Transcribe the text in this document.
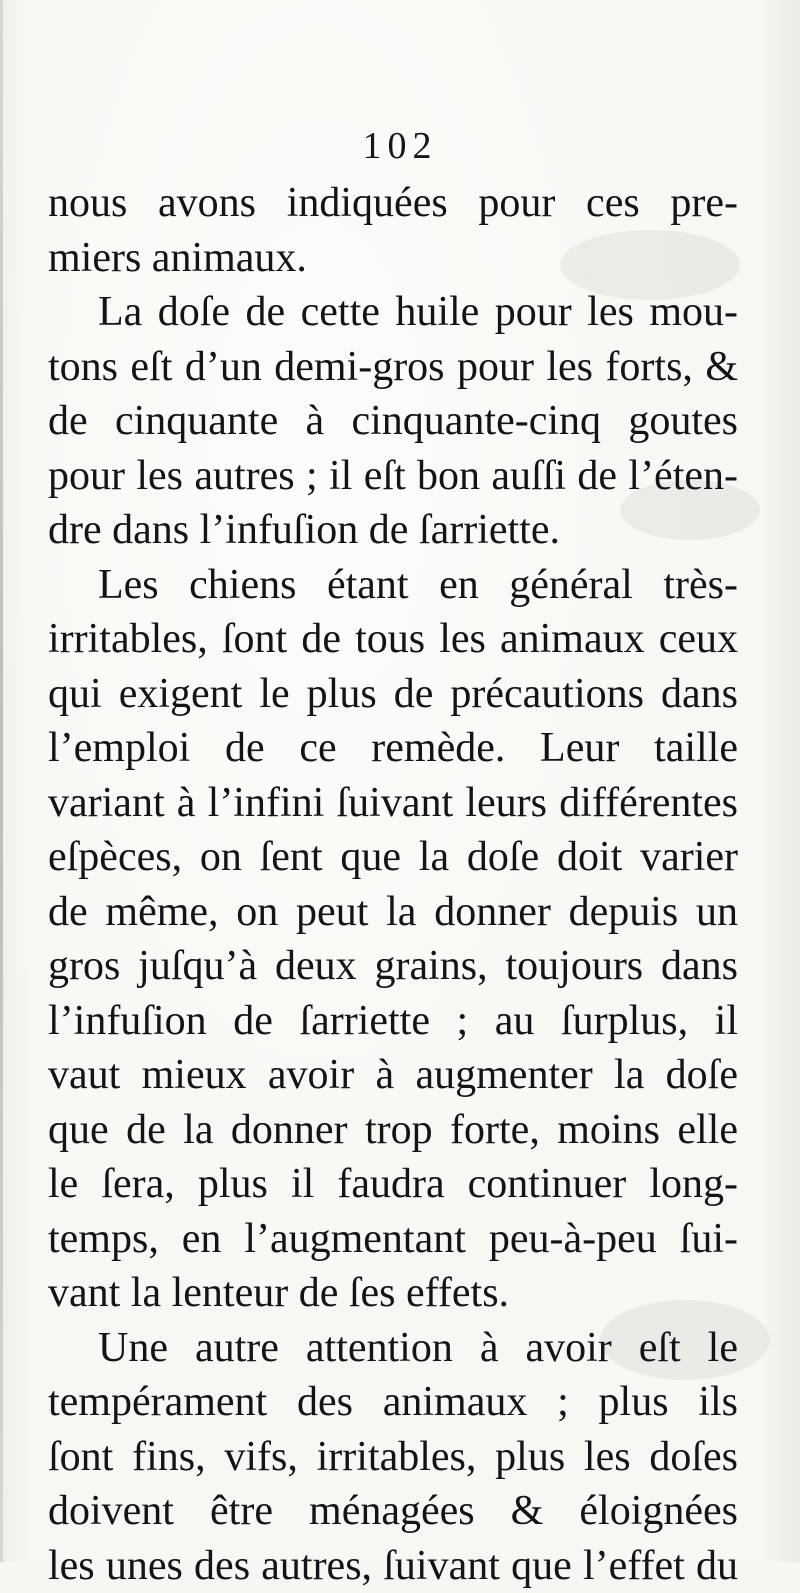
102
nous avons indiquées pour ces pre-
miers animaux.
La doſe de cette huile pour les mou-
tons eſt d’un demi-gros pour les forts, &
de cinquante à cinquante-cinq goutes
pour les autres ; il eſt bon auſſi de l’éten-
dre dans l’infuſion de ſarriette.
Les chiens étant en général très-
irritables, ſont de tous les animaux ceux
qui exigent le plus de précautions dans
l’emploi de ce remède. Leur taille
variant à l’infini ſuivant leurs différentes
eſpèces, on ſent que la doſe doit varier
de même, on peut la donner depuis un
gros juſqu’à deux grains, toujours dans
l’infuſion de ſarriette ; au ſurplus, il
vaut mieux avoir à augmenter la doſe
que de la donner trop forte, moins elle
le ſera, plus il faudra continuer long-
temps, en l’augmentant peu-à-peu ſui-
vant la lenteur de ſes effets.
Une autre attention à avoir eſt le
tempérament des animaux ; plus ils
ſont fins, vifs, irritables, plus les doſes
doivent être ménagées & éloignées
les unes des autres, ſuivant que l’effet du
